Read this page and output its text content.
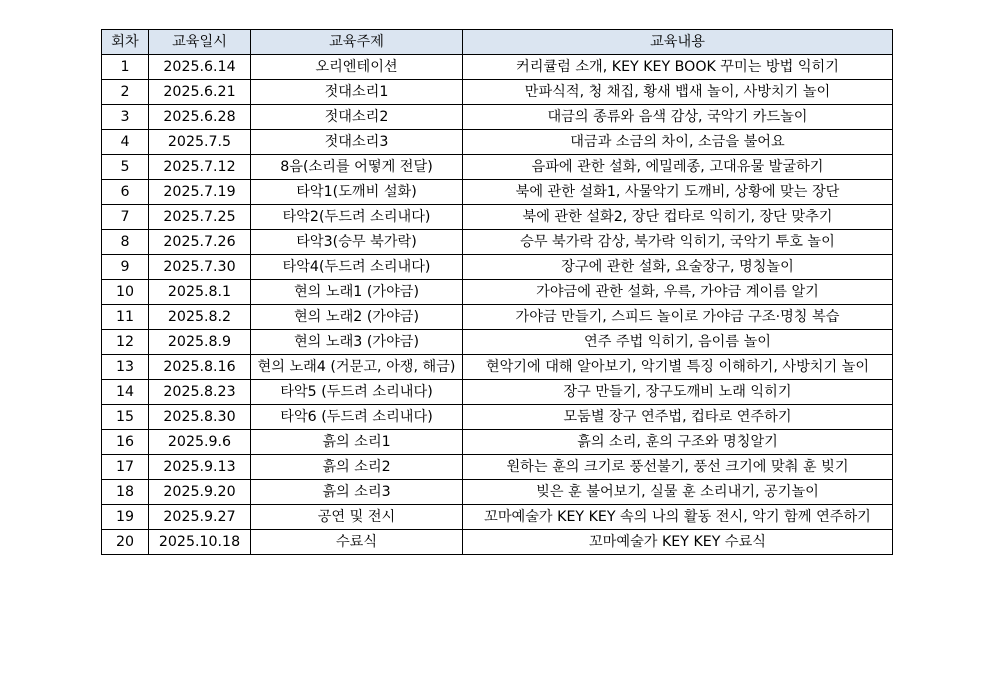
회차	교육일시	교육주제	교육내용
1	2025.6.14	오리엔테이션	커리큘럼 소개, KEY KEY BOOK 꾸미는 방법 익히기
2	2025.6.21	젓대소리1	만파식적, 청 채집, 황새 뱁새 놀이, 사방치기 놀이
3	2025.6.28	젓대소리2	대금의 종류와 음색 감상, 국악기 카드놀이
4	2025.7.5	젓대소리3	대금과 소금의 차이, 소금을 불어요
5	2025.7.12	8음(소리를 어떻게 전달)	음파에 관한 설화, 에밀레종, 고대유물 발굴하기
6	2025.7.19	타악1(도깨비 설화)	북에 관한 설화1, 사물악기 도깨비, 상황에 맞는 장단
7	2025.7.25	타악2(두드려 소리내다)	북에 관한 설화2, 장단 컵타로 익히기, 장단 맞추기
8	2025.7.26	타악3(승무 북가락)	승무 북가락 감상, 북가락 익히기, 국악기 투호 놀이
9	2025.7.30	타악4(두드려 소리내다)	장구에 관한 설화, 요술장구, 명칭놀이
10	2025.8.1	현의 노래1 (가야금)	가야금에 관한 설화, 우륵, 가야금 계이름 알기
11	2025.8.2	현의 노래2 (가야금)	가야금 만들기, 스피드 놀이로 가야금 구조·명칭 복습
12	2025.8.9	현의 노래3 (가야금)	연주 주법 익히기, 음이름 놀이
13	2025.8.16	현의 노래4 (거문고, 아쟁, 해금)	현악기에 대해 알아보기, 악기별 특징 이해하기, 사방치기 놀이
14	2025.8.23	타악5 (두드려 소리내다)	장구 만들기, 장구도깨비 노래 익히기
15	2025.8.30	타악6 (두드려 소리내다)	모둠별 장구 연주법, 컵타로 연주하기
16	2025.9.6	흙의 소리1	흙의 소리, 훈의 구조와 명칭알기
17	2025.9.13	흙의 소리2	원하는 훈의 크기로 풍선불기, 풍선 크기에 맞춰 훈 빚기
18	2025.9.20	흙의 소리3	빚은 훈 불어보기, 실물 훈 소리내기, 공기놀이
19	2025.9.27	공연 및 전시	꼬마예술가 KEY KEY 속의 나의 활동 전시, 악기 함께 연주하기
20	2025.10.18	수료식	꼬마예술가 KEY KEY 수료식
